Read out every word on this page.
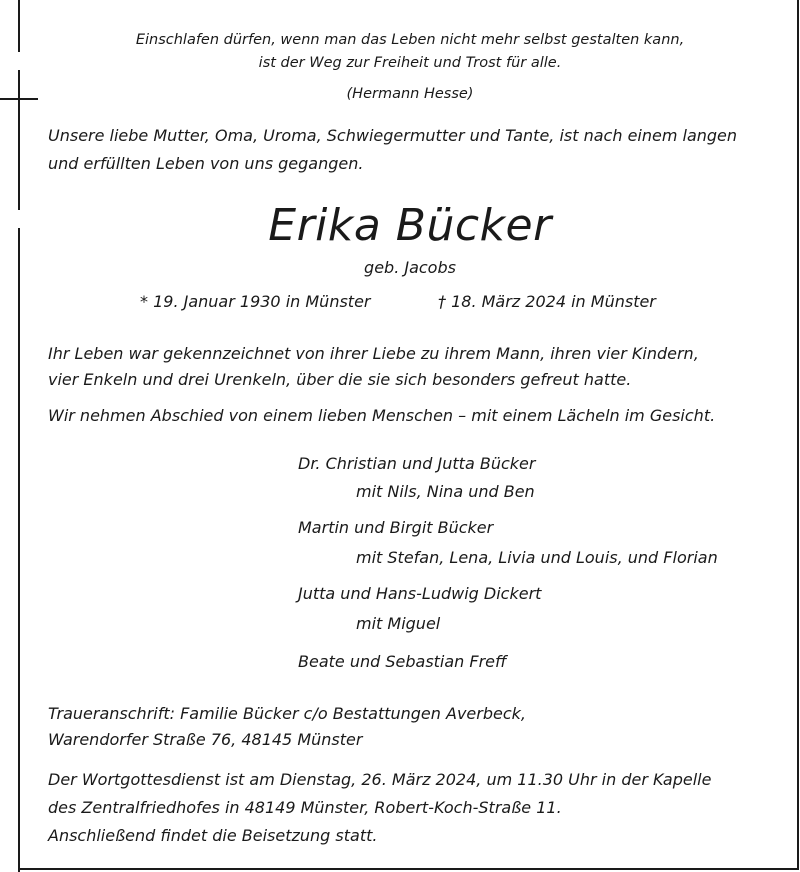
Einschlafen dürfen, wenn man das Leben nicht mehr selbst gestalten kann,
ist der Weg zur Freiheit und Trost für alle.
(Hermann Hesse)
Unsere liebe Mutter, Oma, Uroma, Schwiegermutter und Tante, ist nach einem langen
und erfüllten Leben von uns gegangen.
Erika Bücker
geb. Jacobs
* 19. Januar 1930 in Münster	† 18. März 2024 in Münster
Ihr Leben war gekennzeichnet von ihrer Liebe zu ihrem Mann, ihren vier Kindern,
vier Enkeln und drei Urenkeln, über die sie sich besonders gefreut hatte.
Wir nehmen Abschied von einem lieben Menschen – mit einem Lächeln im Gesicht.
Dr. Christian und Jutta Bücker
mit Nils, Nina und Ben
Martin und Birgit Bücker
mit Stefan, Lena, Livia und Louis, und Florian
Jutta und Hans-Ludwig Dickert
mit Miguel
Beate und Sebastian Freff
Traueranschrift: Familie Bücker c/o Bestattungen Averbeck,
Warendorfer Straße 76, 48145 Münster
Der Wortgottesdienst ist am Dienstag, 26. März 2024, um 11.30 Uhr in der Kapelle
des Zentralfriedhofes in 48149 Münster, Robert-Koch-Straße 11.
Anschließend findet die Beisetzung statt.
